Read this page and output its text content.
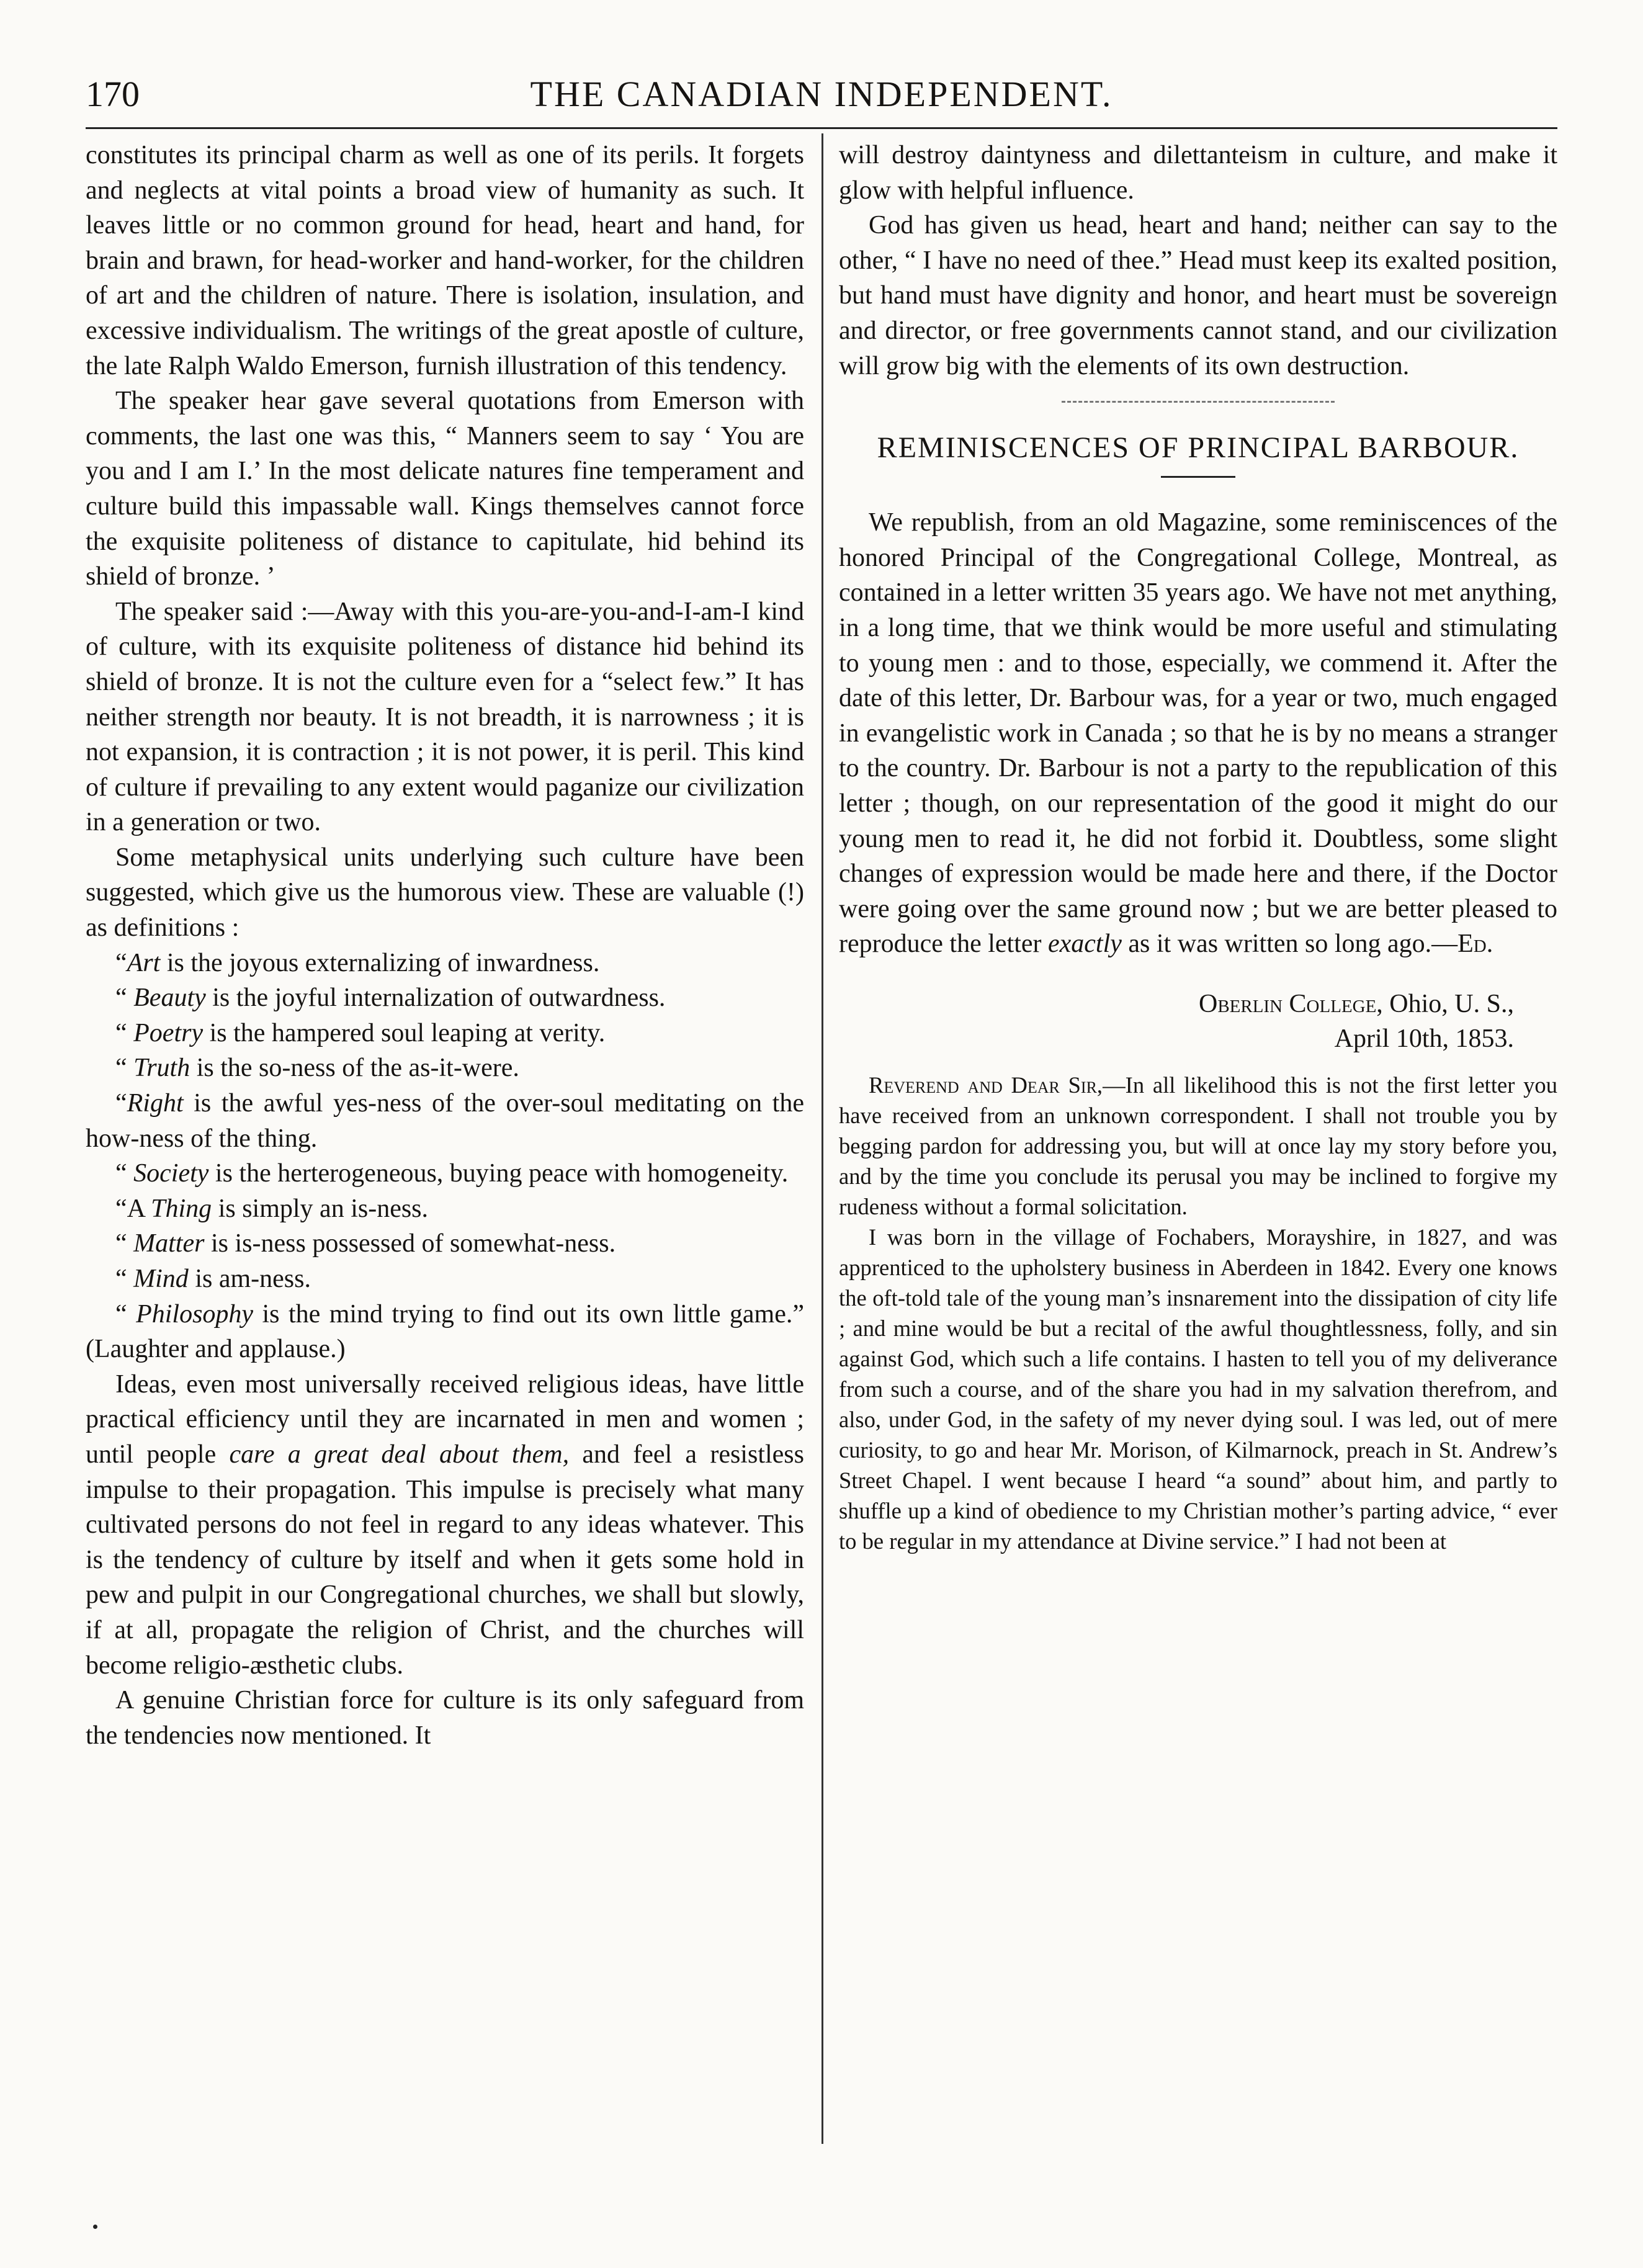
170	THE CANADIAN INDEPENDENT.

constitutes its principal charm as well as one of its perils. It forgets and neglects at vital points a broad view of humanity as such. It leaves little or no common ground for head, heart and hand, for brain and brawn, for head-worker and hand-worker, for the children of art and the children of nature. There is isolation, insulation, and excessive individualism. The writings of the great apostle of culture, the late Ralph Waldo Emerson, furnish illustration of this tendency.

The speaker hear gave several quotations from Emerson with comments, the last one was this, “ Manners seem to say ‘ You are you and I am I.’ In the most delicate natures fine temperament and culture build this impassable wall. Kings themselves cannot force the exquisite politeness of distance to capitulate, hid behind its shield of bronze. ’

The speaker said :—Away with this you-are-you-and-I-am-I kind of culture, with its exquisite politeness of distance hid behind its shield of bronze. It is not the culture even for a “select few.” It has neither strength nor beauty. It is not breadth, it is narrowness ; it is not expansion, it is contraction ; it is not power, it is peril. This kind of culture if prevailing to any extent would paganize our civilization in a generation or two.

Some metaphysical units underlying such culture have been suggested, which give us the humorous view. These are valuable (!) as definitions :

“Art is the joyous externalizing of inwardness.

“ Beauty is the joyful internalization of outwardness.

“ Poetry is the hampered soul leaping at verity.

“ Truth is the so-ness of the as-it-were.

“Right is the awful yes-ness of the over-soul meditating on the how-ness of the thing.

“ Society is the herterogeneous, buying peace with homogeneity.

“A Thing is simply an is-ness.

“ Matter is is-ness possessed of somewhat-ness.

“ Mind is am-ness.

“ Philosophy is the mind trying to find out its own little game.” (Laughter and applause.)

Ideas, even most universally received religious ideas, have little practical efficiency until they are incarnated in men and women ; until people care a great deal about them, and feel a resistless impulse to their propagation. This impulse is precisely what many cultivated persons do not feel in regard to any ideas whatever. This is the tendency of culture by itself and when it gets some hold in pew and pulpit in our Congregational churches, we shall but slowly, if at all, propagate the religion of Christ, and the churches will become religio-æsthetic clubs.

A genuine Christian force for culture is its only safeguard from the tendencies now mentioned. It

will destroy daintyness and dilettanteism in culture, and make it glow with helpful influence.

God has given us head, heart and hand; neither can say to the other, “ I have no need of thee.” Head must keep its exalted position, but hand must have dignity and honor, and heart must be sovereign and director, or free governments cannot stand, and our civilization will grow big with the elements of its own destruction.

REMINISCENCES OF PRINCIPAL BARBOUR.

We republish, from an old Magazine, some reminiscences of the honored Principal of the Congregational College, Montreal, as contained in a letter written 35 years ago. We have not met anything, in a long time, that we think would be more useful and stimulating to young men : and to those, especially, we commend it. After the date of this letter, Dr. Barbour was, for a year or two, much engaged in evangelistic work in Canada ; so that he is by no means a stranger to the country. Dr. Barbour is not a party to the republication of this letter ; though, on our representation of the good it might do our young men to read it, he did not forbid it. Doubtless, some slight changes of expression would be made here and there, if the Doctor were going over the same ground now ; but we are better pleased to reproduce the letter exactly as it was written so long ago.—Ed.

Oberlin College, Ohio, U. S.,
April 10th, 1853.

Reverend and Dear Sir,—In all likelihood this is not the first letter you have received from an unknown correspondent. I shall not trouble you by begging pardon for addressing you, but will at once lay my story before you, and by the time you conclude its perusal you may be inclined to forgive my rudeness without a formal solicitation.

I was born in the village of Fochabers, Morayshire, in 1827, and was apprenticed to the upholstery business in Aberdeen in 1842. Every one knows the oft-told tale of the young man’s insnarement into the dissipation of city life ; and mine would be but a recital of the awful thoughtlessness, folly, and sin against God, which such a life contains. I hasten to tell you of my deliverance from such a course, and of the share you had in my salvation therefrom, and also, under God, in the safety of my never dying soul. I was led, out of mere curiosity, to go and hear Mr. Morison, of Kilmarnock, preach in St. Andrew’s Street Chapel. I went because I heard “a sound” about him, and partly to shuffle up a kind of obedience to my Christian mother’s parting advice, “ ever to be regular in my attendance at Divine service.” I had not been at
